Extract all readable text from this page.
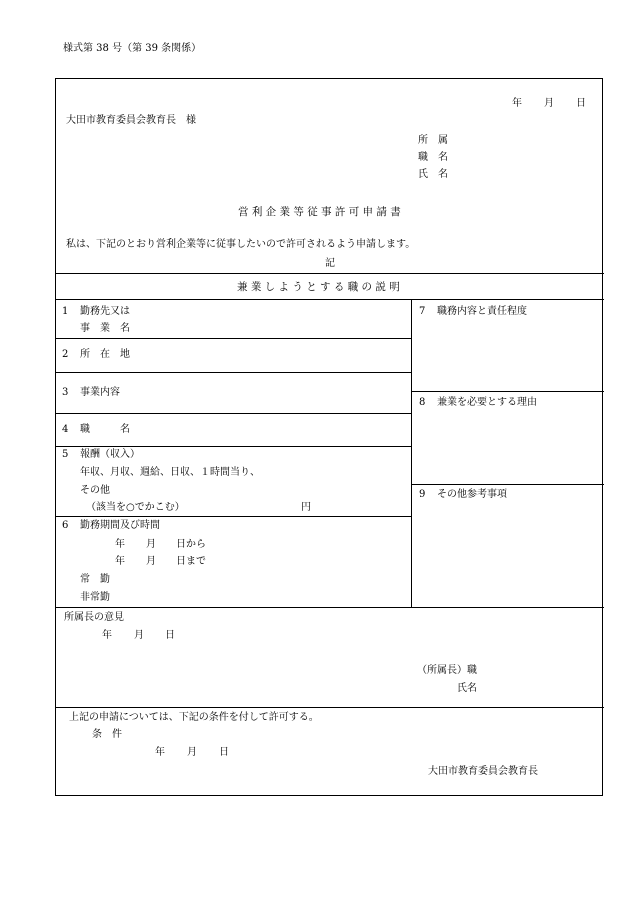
様式第 38 号（第 39 条関係）
年 月 日
大田市教育委員会教育長　様
所　属
職　名
氏　名
営 利 企 業 等 従 事 許 可 申 請 書
私は、下記のとおり営利企業等に従事したいので許可されるよう申請します。
記
兼 業 し よ う と す る 職 の 説 明
1 勤務先又は
事　業　名
2 所　在　地
3 事業内容
4 職　　　名
5 報酬（収入）
年収、月収、週給、日収、１時間当り、
その他
（該当を○でかこむ）	円
6 勤務期間及び時間
年 月 日から
年 月 日まで
常　勤
非常勤
7 職務内容と責任程度
8 兼業を必要とする理由
9 その他参考事項
所属長の意見
年 月 日
（所属長）職
氏名
上記の申請については、下記の条件を付して許可する。
条　件
年 月 日
大田市教育委員会教育長
